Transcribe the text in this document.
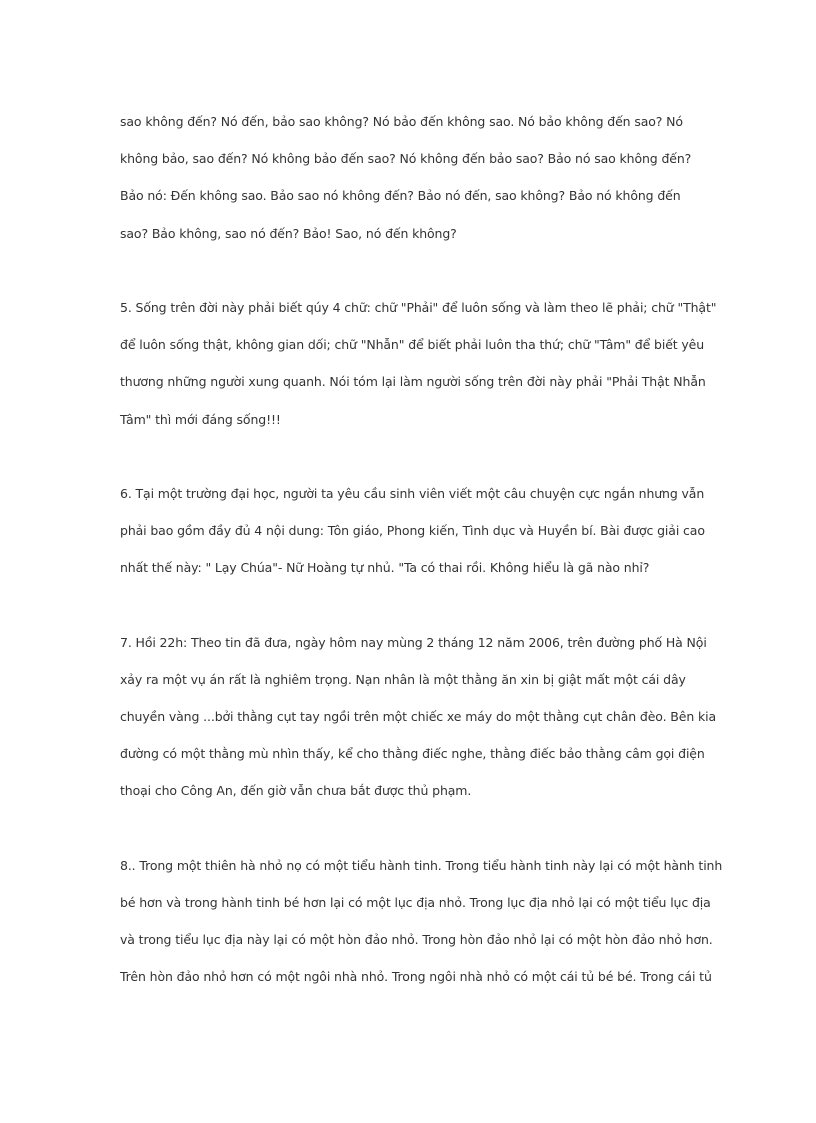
sao không đến? Nó đến, bảo sao không? Nó bảo đến không sao. Nó bảo không đến sao? Nó
không bảo, sao đến? Nó không bảo đến sao? Nó không đến bảo sao? Bảo nó sao không đến?
Bảo nó: Đến không sao. Bảo sao nó không đến? Bảo nó đến, sao không? Bảo nó không đến
sao? Bảo không, sao nó đến? Bảo! Sao, nó đến không?
5. Sống trên đời này phải biết qúy 4 chữ: chữ "Phải" để luôn sống và làm theo lẽ phải; chữ "Thật"
để luôn sống thật, không gian dối; chữ "Nhẫn" để biết phải luôn tha thứ; chữ "Tâm" để biết yêu
thương những người xung quanh. Nói tóm lại làm người sống trên đời này phải "Phải Thật Nhẫn
Tâm" thì mới đáng sống!!!
6. Tại một trường đại học, người ta yêu cầu sinh viên viết một câu chuyện cực ngắn nhưng vẫn
phải bao gồm đầy đủ 4 nội dung: Tôn giáo, Phong kiến, Tình dục và Huyền bí. Bài được giải cao
nhất thế này: " Lạy Chúa"- Nữ Hoàng tự nhủ. "Ta có thai rồi. Không hiểu là gã nào nhỉ?
7. Hồi 22h: Theo tin đã đưa, ngày hôm nay mùng 2 tháng 12 năm 2006, trên đường phố Hà Nội
xảy ra một vụ án rất là nghiêm trọng. Nạn nhân là một thằng ăn xin bị giật mất một cái dây
chuyền vàng ...bởi thằng cụt tay ngồi trên một chiếc xe máy do một thằng cụt chân đèo. Bên kia
đường có một thằng mù nhìn thấy, kể cho thằng điếc nghe, thằng điếc bảo thằng câm gọi điện
thoại cho Công An, đến giờ vẫn chưa bắt được thủ phạm.
8.. Trong một thiên hà nhỏ nọ có một tiểu hành tinh. Trong tiểu hành tinh này lại có một hành tinh
bé hơn và trong hành tinh bé hơn lại có một lục địa nhỏ. Trong lục địa nhỏ lại có một tiểu lục địa
và trong tiểu lục địa này lại có một hòn đảo nhỏ. Trong hòn đảo nhỏ lại có một hòn đảo nhỏ hơn.
Trên hòn đảo nhỏ hơn có một ngôi nhà nhỏ. Trong ngôi nhà nhỏ có một cái tủ bé bé. Trong cái tủ
